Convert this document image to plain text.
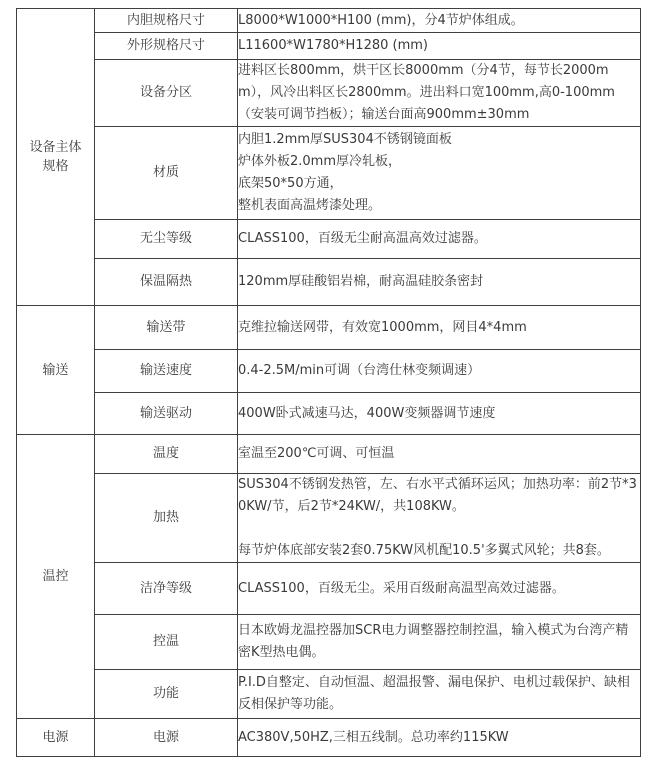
设备主体规格	内胆规格尺寸	L8000*W1000*H100 (mm)，分4节炉体组成。
	外形规格尺寸	L11600*W1780*H1280 (mm)
	设备分区	进料区长800mm，烘干区长8000mm（分4节，每节长2000mm），风冷出料区长2800mm。进出料口宽100mm,高0-100mm（安装可调节挡板）；输送台面高900mm±30mm
	材质	内胆1.2mm厚SUS304不锈钢镜面板
炉体外板2.0mm厚冷轧板，
底架50*50方通，
整机表面高温烤漆处理。

	无尘等级	CLASS100，百级无尘耐高温高效过滤器。
	保温隔热	120mm厚硅酸铝岩棉，耐高温硅胶条密封

输送	输送带	克维拉输送网带，有效宽1000mm，网目4*4mm
	输送速度	0.4-2.5M/min可调（台湾仕林变频调速）
	输送驱动	400W卧式减速马达，400W变频器调节速度

温控	温度	室温至200℃可调、可恒温
	加热	SUS304不锈钢发热管，左、右水平式循环运风；加热功率：前2节*30KW/节，后2节*24KW/，共108KW。
每节炉体底部安装2套0.75KW风机配10.5'多翼式风轮；共8套。

	洁净等级	CLASS100，百级无尘。采用百级耐高温型高效过滤器。
	控温	日本欧姆龙温控器加SCR电力调整器控制控温，输入模式为台湾产精密K型热电偶。
	功能	P.I.D自整定、自动恒温、超温报警、漏电保护、电机过载保护、缺相反相保护等功能。

电源	电源	AC380V,50HZ,三相五线制。总功率约115KW
